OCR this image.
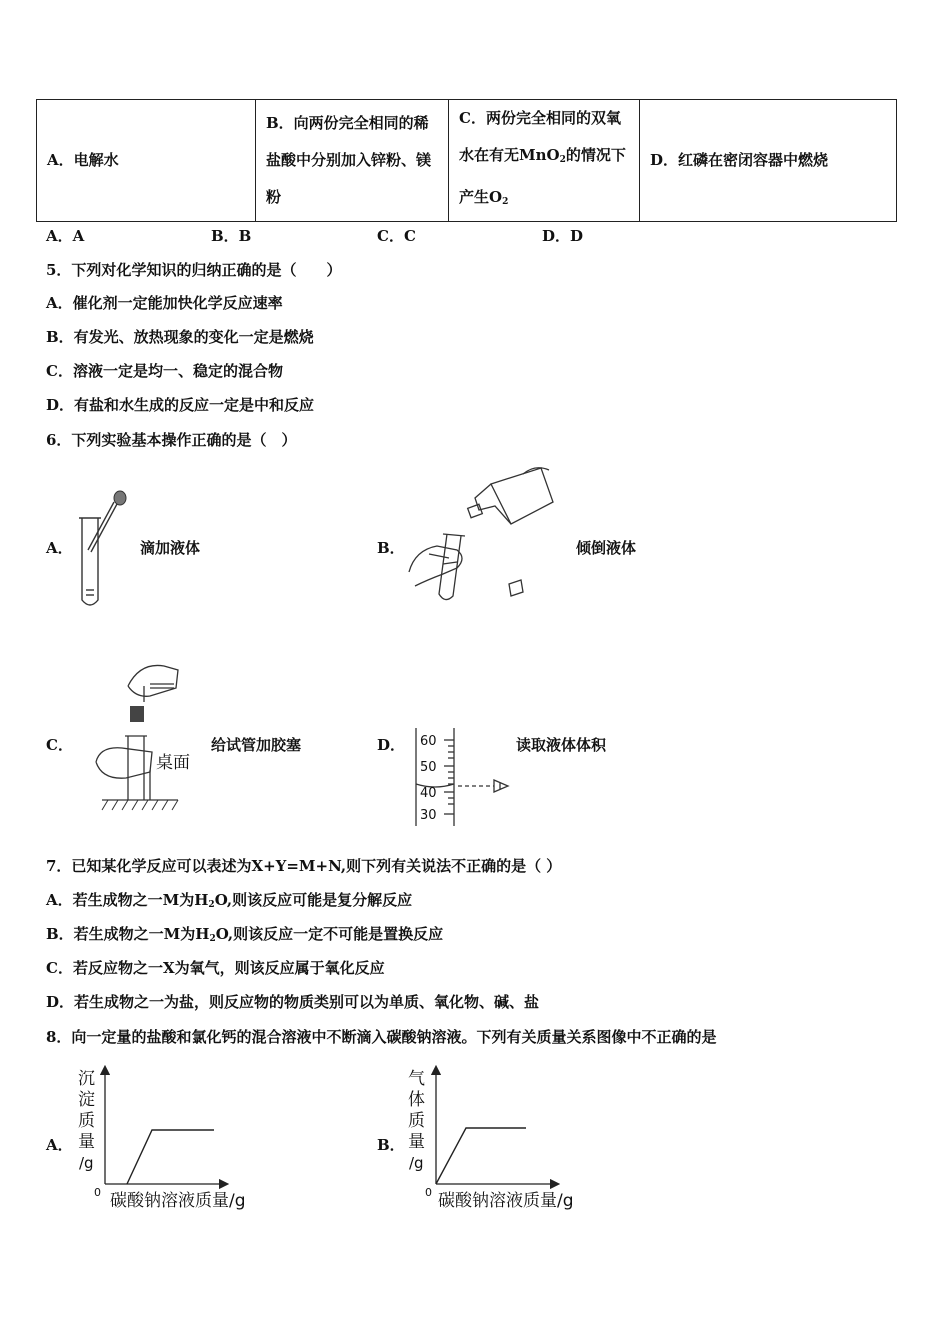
A．电解水	B．向两份完全相同的稀盐酸中分别加入锌粉、镁粉	C．两份完全相同的双氧水在有无MnO$_2$的情况下产生$O_2$	D．红磷在密闭容器中燃烧
A．A	B．B	C．C	D．D
5．下列对化学知识的归纳正确的是（　　）
A．催化剂一定能加快化学反应速率
B．有发光、放热现象的变化一定是燃烧
C．溶液一定是均一、稳定的混合物
D．有盐和水生成的反应一定是中和反应
6．下列实验基本操作正确的是（　）
A．	滴加液体	B．	倾倒液体
C．
桌面
给试管加胶塞	D． 60
50
40
30
读取液体体积
7．已知某化学反应可以表述为X+Y=M+N,则下列有关说法不正确的是（ ）
A．若生成物之一M为$H_2O$,则该反应可能是复分解反应
B．若生成物之一M为$H_2O$,则该反应一定不可能是置换反应
C．若反应物之一X为氧气，则该反应属于氧化反应
D．若生成物之一为盐，则反应物的物质类别可以为单质、氧化物、碱、盐
8．向一定量的盐酸和氯化钙的混合溶液中不断滴入碳酸钠溶液。下列有关质量关系图像中不正确的是
A．
沉
淀
质
量
/g
0 碳酸钠溶液质量/g
B．
气
体
质
量
/g
0 碳酸钠溶液质量/g
